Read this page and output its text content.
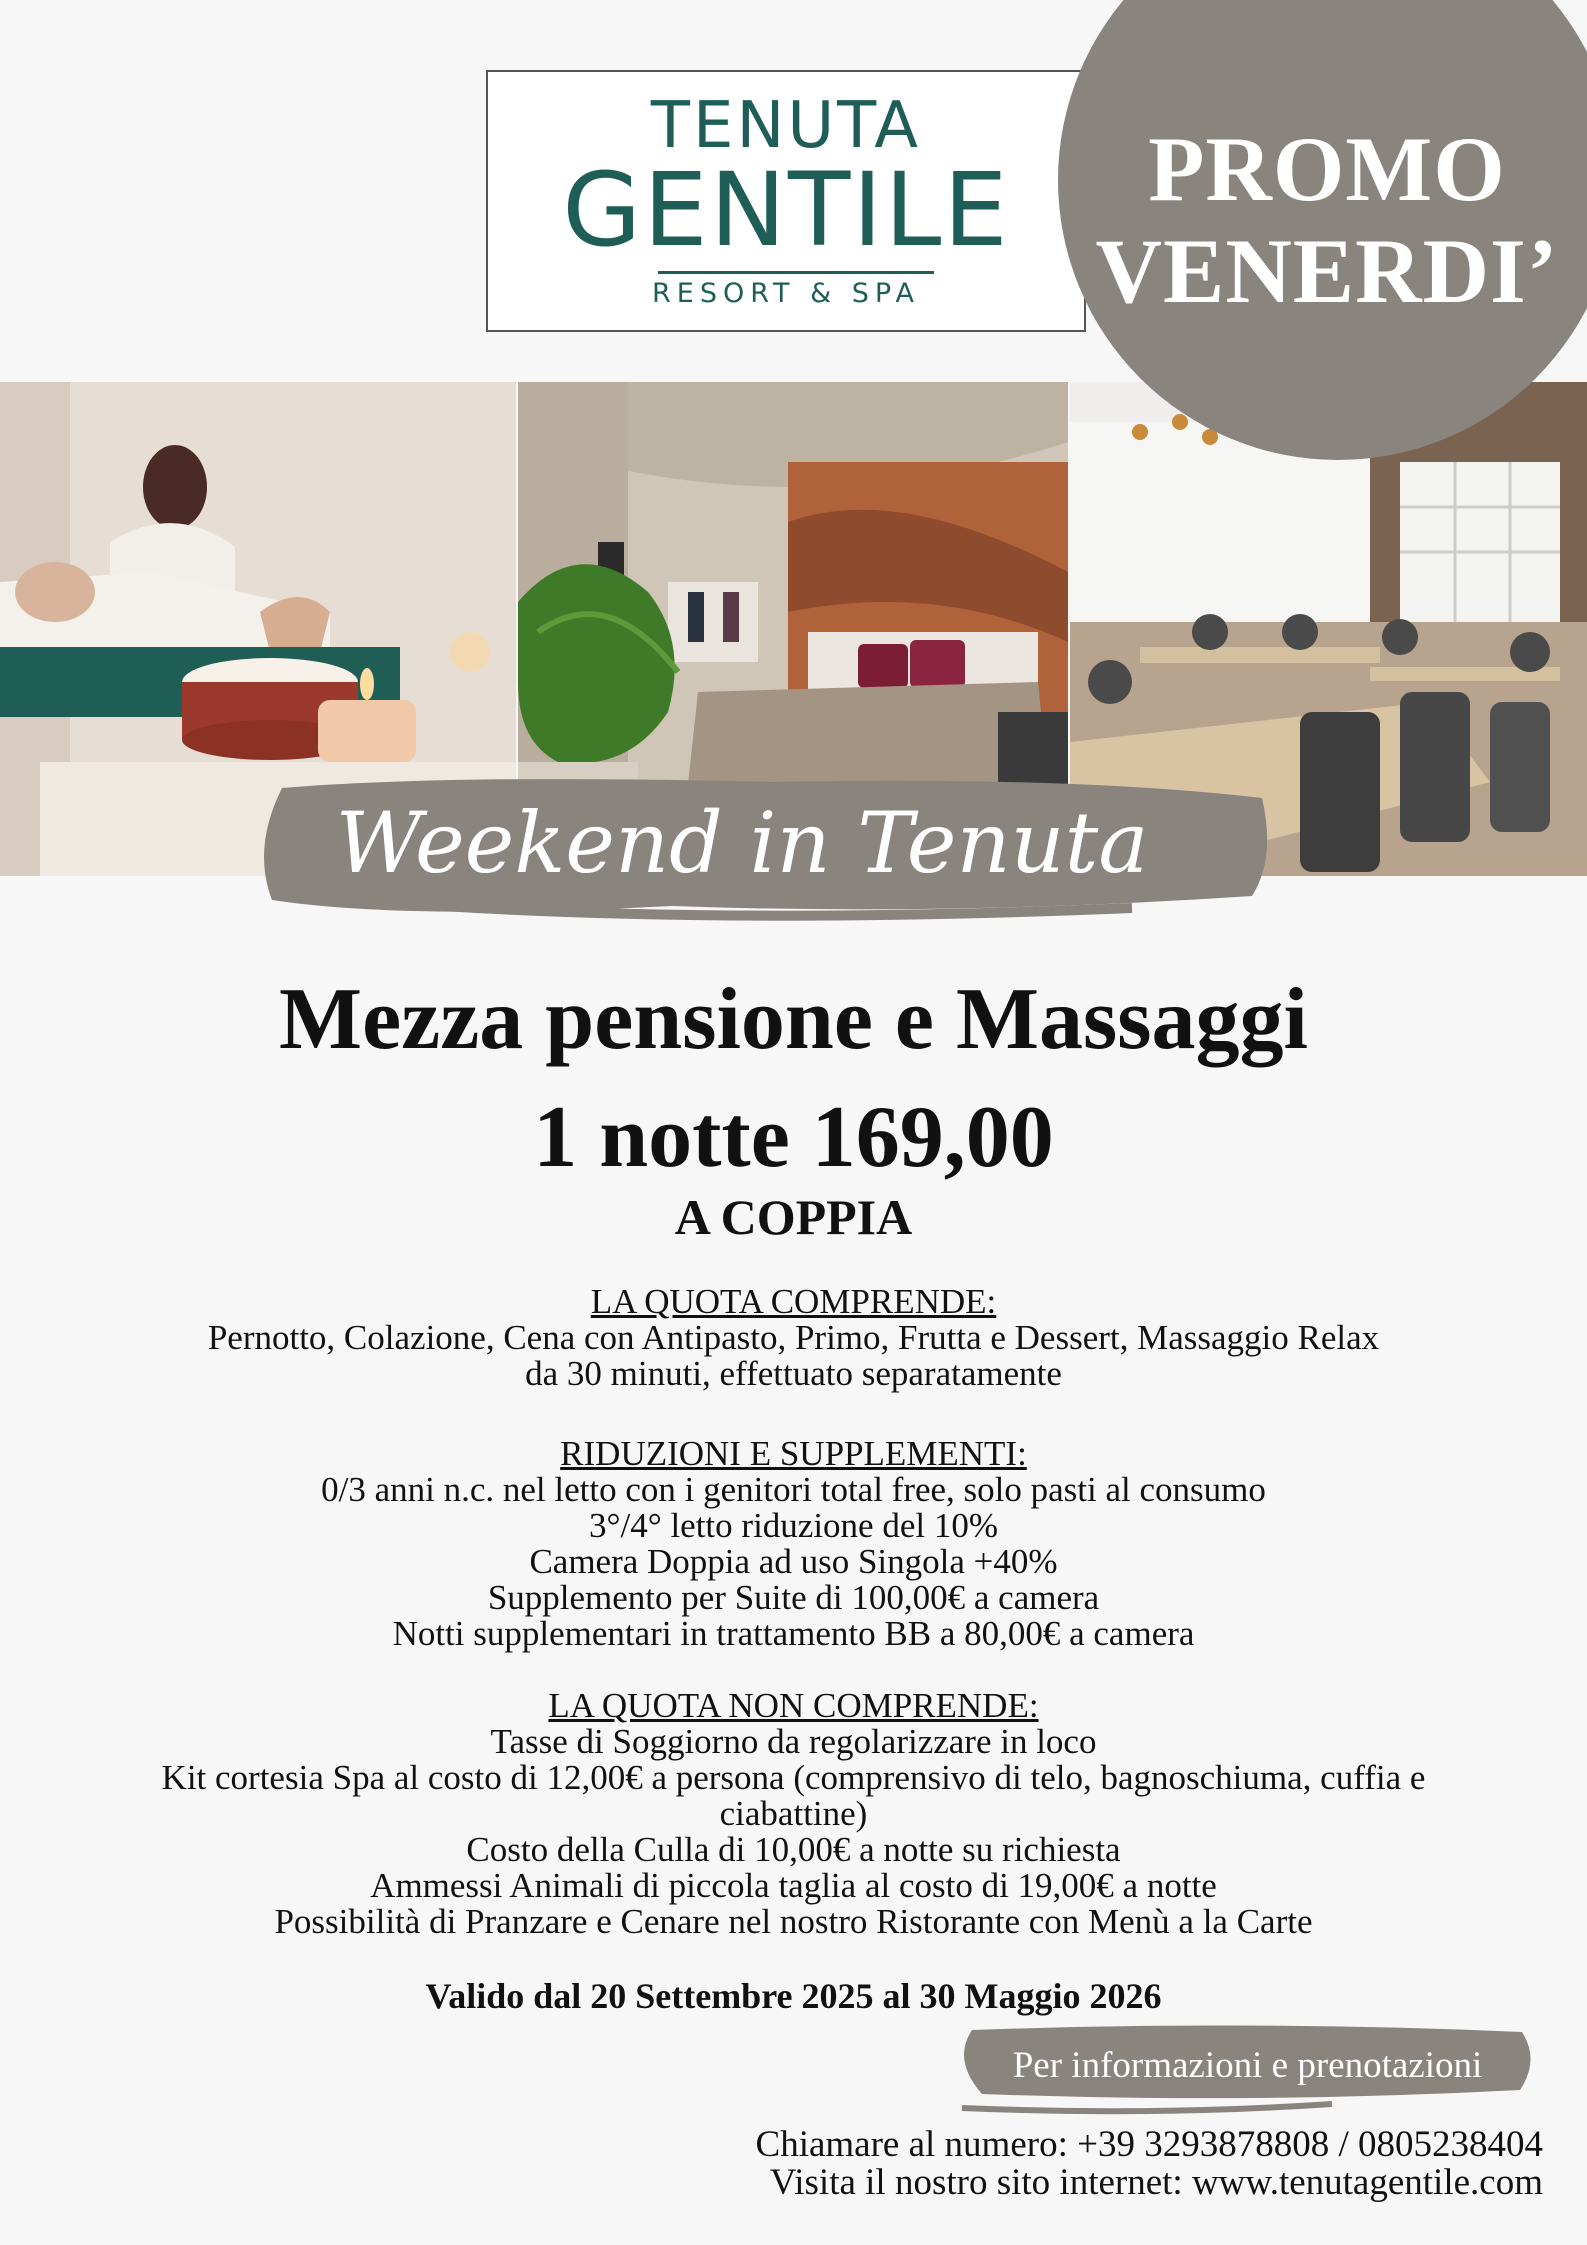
TENUTA
GENTILE
RESORT & SPA
PROMO
VENERDI’
Weekend in Tenuta
Mezza pensione e Massaggi
1 notte 169,00
A COPPIA
LA QUOTA COMPRENDE:
Pernotto, Colazione, Cena con Antipasto, Primo, Frutta e Dessert, Massaggio Relax
da 30 minuti, effettuato separatamente
RIDUZIONI E SUPPLEMENTI:
0/3 anni n.c. nel letto con i genitori total free, solo pasti al consumo
3°/4° letto riduzione del 10%
Camera Doppia ad uso Singola +40%
Supplemento per Suite di 100,00€ a camera
Notti supplementari in trattamento BB a 80,00€ a camera
LA QUOTA NON COMPRENDE:
Tasse di Soggiorno da regolarizzare in loco
Kit cortesia Spa al costo di 12,00€ a persona (comprensivo di telo, bagnoschiuma, cuffia e
ciabattine)
Costo della Culla di 10,00€ a notte su richiesta
Ammessi Animali di piccola taglia al costo di 19,00€ a notte
Possibilità di Pranzare e Cenare nel nostro Ristorante con Menù a la Carte
Valido dal 20 Settembre 2025 al 30 Maggio 2026
Per informazioni e prenotazioni
Chiamare al numero: +39 3293878808 / 0805238404
Visita il nostro sito internet: www.tenutagentile.com
